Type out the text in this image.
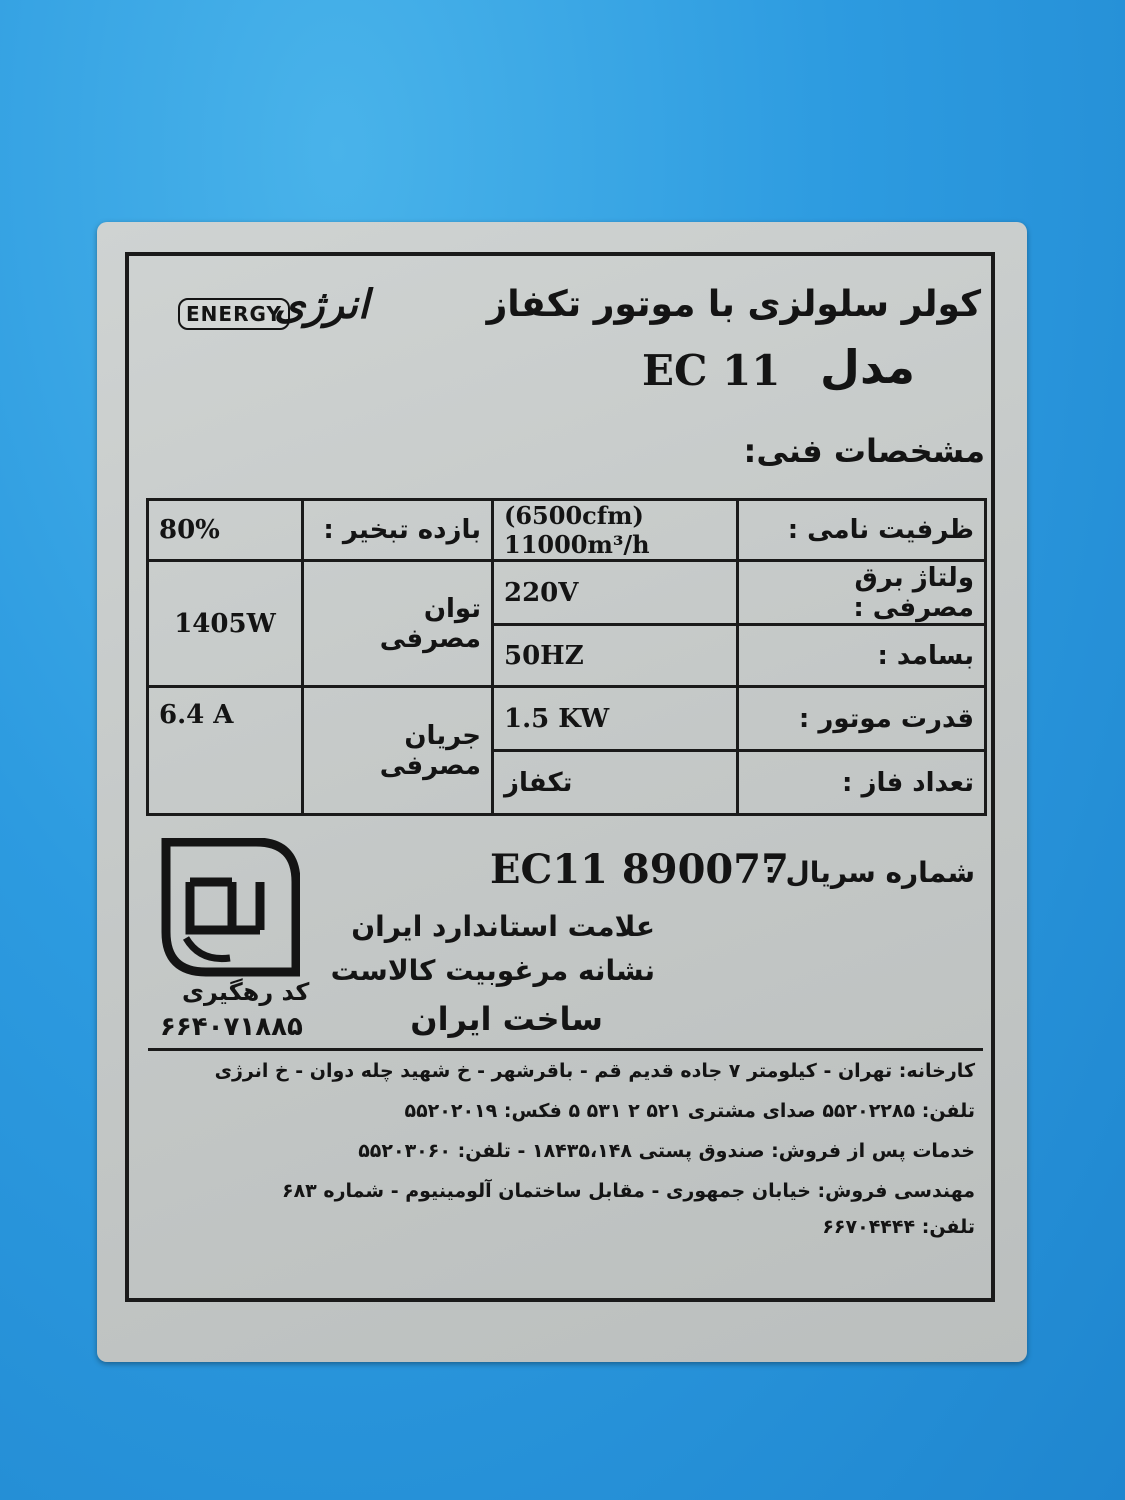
ENERGY
انرژی	کولر سلولزی با موتور تکفاز
مدل
EC 11
مشخصات فنی:
80%	بازده تبخیر :	(6500cfm) 11000m³/h	ظرفیت نامی :
1405W	توان مصرفی	220V	ولتاژ برق مصرفی :
		50HZ	بسامد :
6.4 A	جریان مصرفی	1.5 KW	قدرت موتور :
		تکفاز	تعداد فاز :
شماره سریال :
EC11 890077
علامت استاندارد ایران
نشانه مرغوبیت کالاست
ساخت ایران
کد رهگیری
۶۶۴۰۷۱۸۸۵
کارخانه: تهران - کیلومتر ۷ جاده قدیم قم - باقرشهر - خ شهید چله دوان - خ انرژی
تلفن: ۵۵۲۰۲۲۸۵ صدای مشتری ۵۲۱ ۲ ۵۳۱ ۵ فکس: ۵۵۲۰۲۰۱۹
خدمات پس از فروش: صندوق پستی ۱۸۴۳۵،۱۴۸ - تلفن: ۵۵۲۰۳۰۶۰
مهندسی فروش: خیابان جمهوری - مقابل ساختمان آلومینیوم - شماره ۶۸۳
تلفن: ۶۶۷۰۴۴۴۴
